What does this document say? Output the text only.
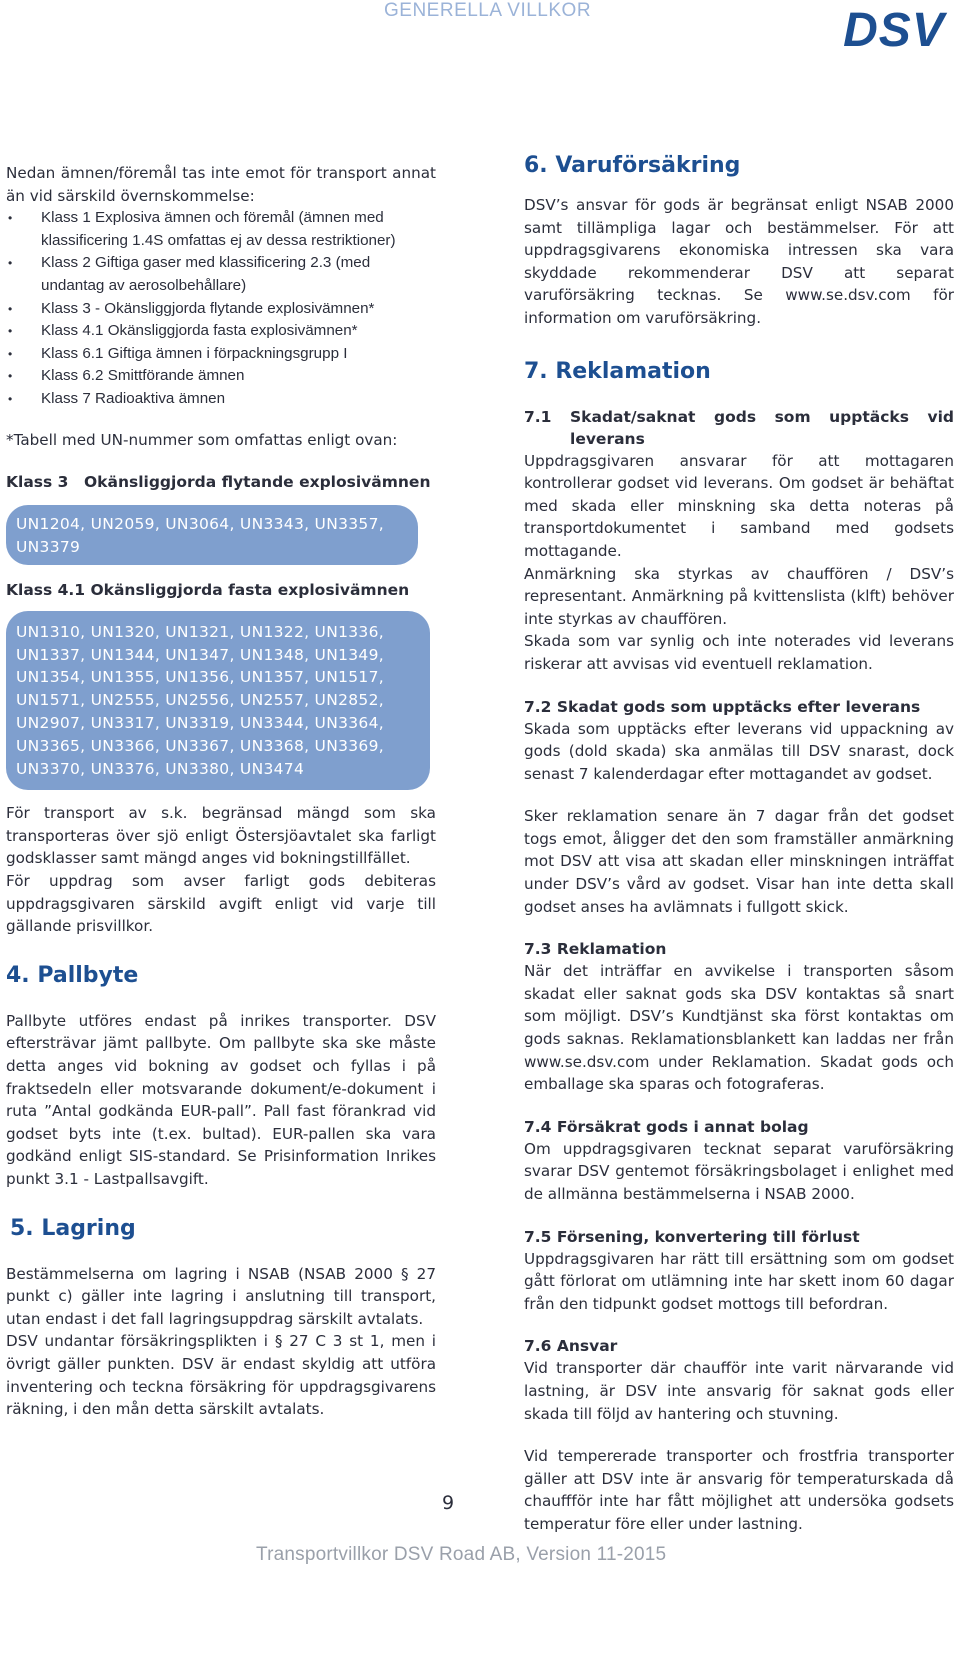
GENERELLA VILLKOR	DSV

Nedan ämnen/föremål tas inte emot för transport annat än vid särskild övernskommelse:

• Klass 1 Explosiva ämnen och föremål (ämnen med klassificering 1.4S omfattas ej av dessa restriktioner)
• Klass 2 Giftiga gaser med klassificering 2.3 (med undantag av aerosolbehållare)
• Klass 3 - Okänsliggjorda flytande explosivämnen*
• Klass 4.1 Okänsliggjorda fasta explosivämnen*
• Klass 6.1 Giftiga ämnen i förpackningsgrupp I
• Klass 6.2 Smittförande ämnen
• Klass 7 Radioaktiva ämnen

*Tabell med UN-nummer som omfattas enligt ovan:

Klass 3 Okänsliggjorda flytande explosivämnen
UN1204, UN2059, UN3064, UN3343, UN3357, UN3379
Klass 4.1 Okänsliggjorda fasta explosivämnen
UN1310, UN1320, UN1321, UN1322, UN1336, UN1337, UN1344, UN1347, UN1348, UN1349, UN1354, UN1355, UN1356, UN1357, UN1517, UN1571, UN2555, UN2556, UN2557, UN2852, UN2907, UN3317, UN3319, UN3344, UN3364, UN3365, UN3366, UN3367, UN3368, UN3369, UN3370, UN3376, UN3380, UN3474

För transport av s.k. begränsad mängd som ska transporteras över sjö enligt Östersjöavtalet ska farligt godsklasser samt mängd anges vid bokningstillfället.

För uppdrag som avser farligt gods debiteras uppdragsgivaren särskild avgift enligt vid varje till gällande prisvillkor.

4. Pallbyte

Pallbyte utföres endast på inrikes transporter. DSV eftersträvar jämt pallbyte. Om pallbyte ska ske måste detta anges vid bokning av godset och fyllas i på fraktsedeln eller motsvarande dokument/e-dokument i ruta ”Antal godkända EUR-pall”. Pall fast förankrad vid godset byts inte (t.ex. bultad). EUR-pallen ska vara godkänd enligt SIS-standard. Se Prisinformation Inrikes punkt 3.1 - Lastpallsavgift.

5. Lagring

Bestämmelserna om lagring i NSAB (NSAB 2000 § 27 punkt c) gäller inte lagring i anslutning till transport, utan endast i det fall lagringsuppdrag särskilt avtalats.

DSV undantar försäkringsplikten i § 27 C 3 st 1, men i övrigt gäller punkten. DSV är endast skyldig att utföra inventering och teckna försäkring för uppdragsgivarens räkning, i den mån detta särskilt avtalats.

6. Varuförsäkring

DSV’s ansvar för gods är begränsat enligt NSAB 2000 samt tillämpliga lagar och bestämmelser. För att uppdragsgivarens ekonomiska intressen ska vara skyddade rekommenderar DSV att separat varuförsäkring tecknas. Se www.se.dsv.com för information om varuförsäkring.

7. Reklamation
7.1	Skadat/saknat gods som upptäcks vid
leverans

Uppdragsgivaren ansvarar för att mottagaren kontrollerar godset vid leverans. Om godset är behäftat med skada eller minskning ska detta noteras på transportdokumentet i samband med godsets mottagande.

Anmärkning ska styrkas av chauffören / DSV’s representant. Anmärkning på kvittenslista (klft) behöver inte styrkas av chauffören.

Skada som var synlig och inte noterades vid leverans riskerar att avvisas vid eventuell reklamation.

7.2 Skadat gods som upptäcks efter leverans

Skada som upptäcks efter leverans vid uppackning av gods (dold skada) ska anmälas till DSV snarast, dock senast 7 kalenderdagar efter mottagandet av godset.

Sker reklamation senare än 7 dagar från det godset togs emot, åligger det den som framställer anmärkning mot DSV att visa att skadan eller minskningen inträffat under DSV’s vård av godset. Visar han inte detta skall godset anses ha avlämnats i fullgott skick.

7.3 Reklamation

När det inträffar en avvikelse i transporten såsom skadat eller saknat gods ska DSV kontaktas så snart som möjligt. DSV’s Kundtjänst ska först kontaktas om gods saknas. Reklamationsblankett kan laddas ner från www.se.dsv.com under Reklamation. Skadat gods och emballage ska sparas och fotograferas.

7.4 Försäkrat gods i annat bolag

Om uppdragsgivaren tecknat separat varuförsäkring svarar DSV gentemot försäkringsbolaget i enlighet med de allmänna bestämmelserna i NSAB 2000.

7.5 Försening, konvertering till förlust

Uppdragsgivaren har rätt till ersättning som om godset gått förlorat om utlämning inte har skett inom 60 dagar från den tidpunkt godset mottogs till befordran.

7.6 Ansvar

Vid transporter där chaufför inte varit närvarande vid lastning, är DSV inte ansvarig för saknat gods eller skada till följd av hantering och stuvning.

Vid tempererade transporter och frostfria transporter gäller att DSV inte är ansvarig för temperaturskada då chauffför inte har fått möjlighet att undersöka godsets temperatur före eller under lastning.

9
Transportvillkor DSV Road AB, Version 11-2015
